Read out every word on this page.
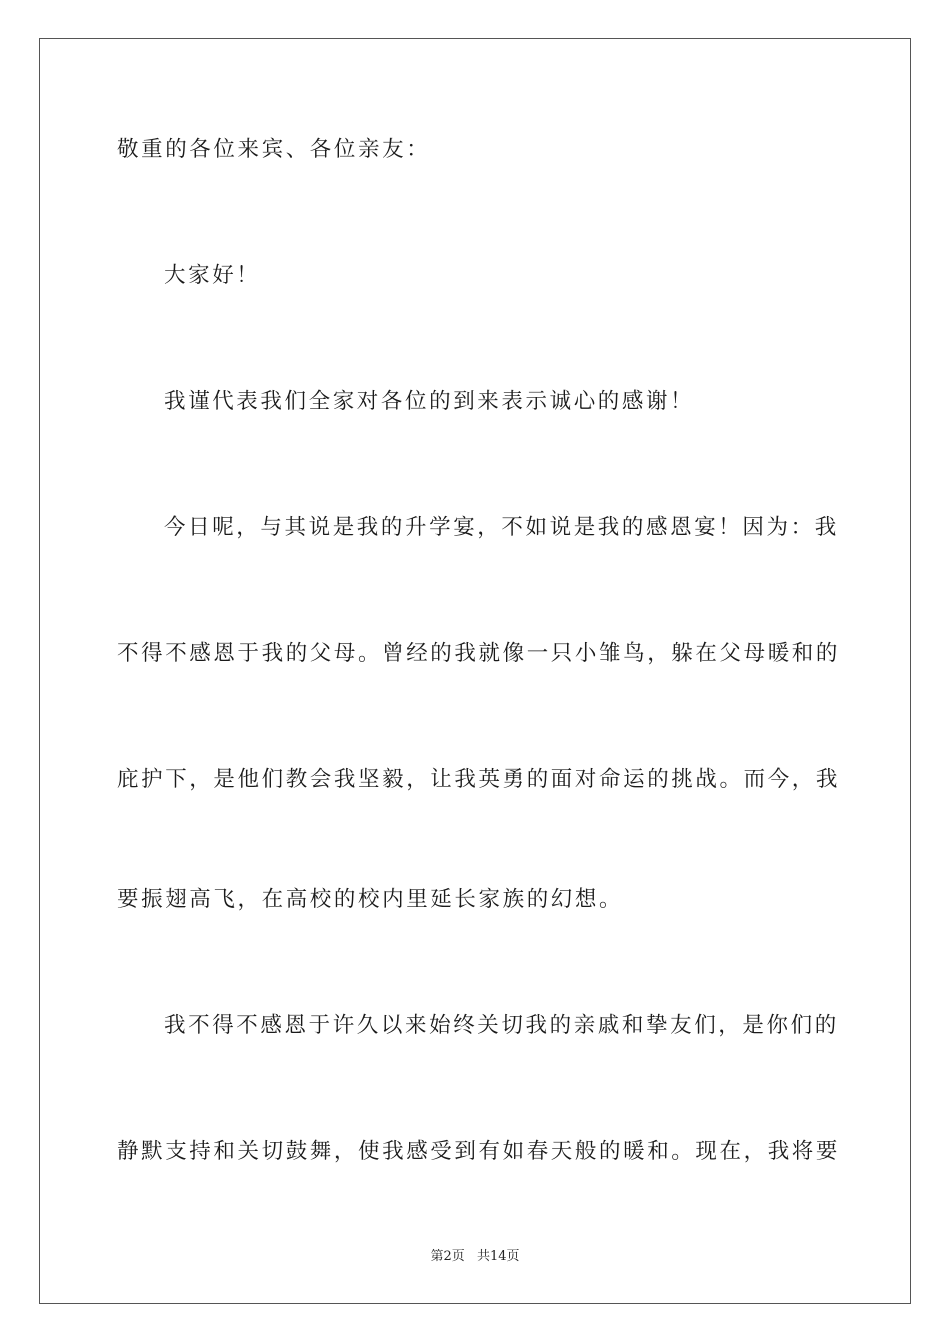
敬重的各位来宾、各位亲友：

大家好！

我谨代表我们全家对各位的到来表示诚心的感谢！

今日呢，与其说是我的升学宴，不如说是我的感恩宴！因为：我

不得不感恩于我的父母。曾经的我就像一只小雏鸟，躲在父母暖和的

庇护下，是他们教会我坚毅，让我英勇的面对命运的挑战。而今，我

要振翅高飞，在高校的校内里延长家族的幻想。

我不得不感恩于许久以来始终关切我的亲戚和挚友们，是你们的

静默支持和关切鼓舞，使我感受到有如春天般的暖和。现在，我将要

第2页 共14页
